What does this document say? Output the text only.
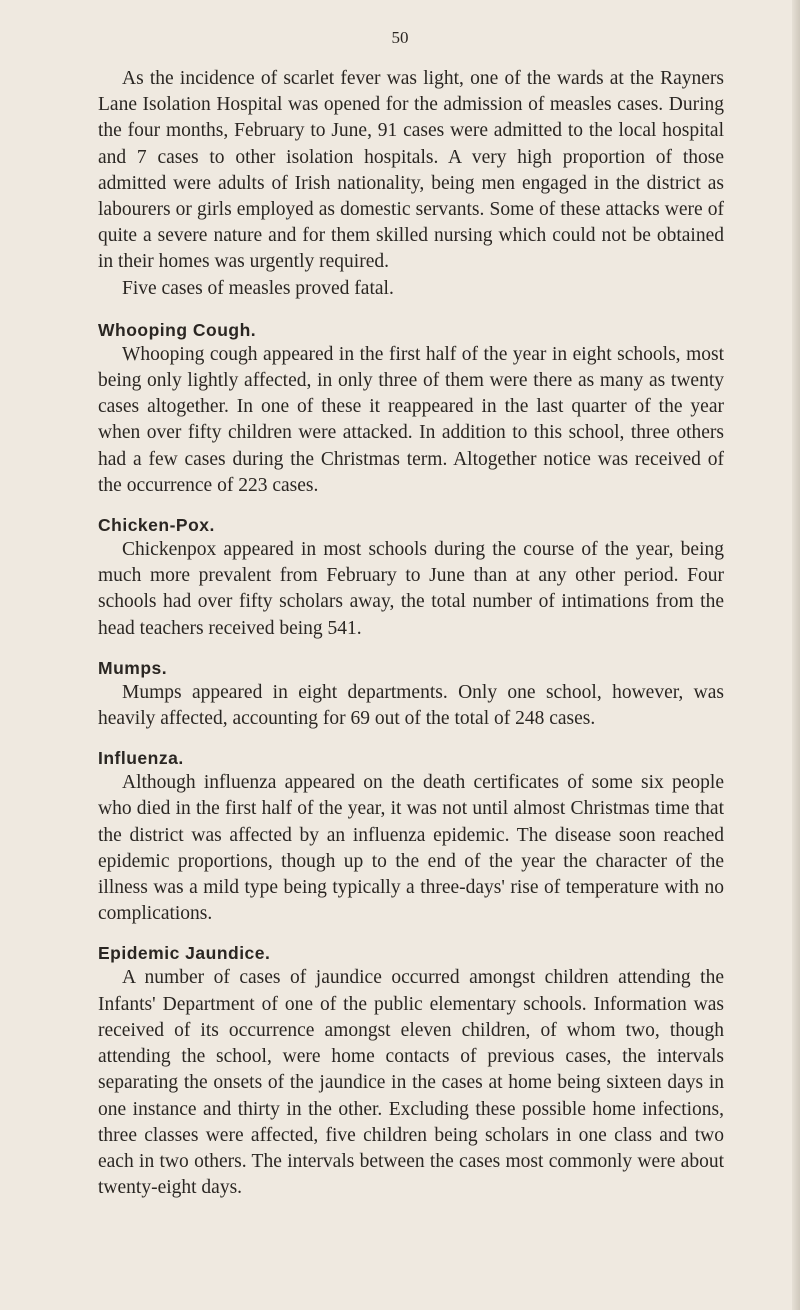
50

As the incidence of scarlet fever was light, one of the wards at the Rayners Lane Isolation Hospital was opened for the admission of measles cases. During the four months, February to June, 91 cases were admitted to the local hospital and 7 cases to other isolation hospitals. A very high proportion of those admitted were adults of Irish nationality, being men engaged in the district as labourers or girls employed as domestic servants. Some of these attacks were of quite a severe nature and for them skilled nursing which could not be obtained in their homes was urgently required.

Five cases of measles proved fatal.

Whooping Cough.

Whooping cough appeared in the first half of the year in eight schools, most being only lightly affected, in only three of them were there as many as twenty cases altogether. In one of these it reappeared in the last quarter of the year when over fifty children were attacked. In addition to this school, three others had a few cases during the Christmas term. Altogether notice was received of the occurrence of 223 cases.

Chicken-Pox.

Chickenpox appeared in most schools during the course of the year, being much more prevalent from February to June than at any other period. Four schools had over fifty scholars away, the total number of intimations from the head teachers received being 541.

Mumps.

Mumps appeared in eight departments. Only one school, however, was heavily affected, accounting for 69 out of the total of 248 cases.

Influenza.

Although influenza appeared on the death certificates of some six people who died in the first half of the year, it was not until almost Christmas time that the district was affected by an influenza epidemic. The disease soon reached epidemic proportions, though up to the end of the year the character of the illness was a mild type being typically a three-days' rise of temperature with no complications.

Epidemic Jaundice.

A number of cases of jaundice occurred amongst children attending the Infants' Department of one of the public elementary schools. Information was received of its occurrence amongst eleven children, of whom two, though attending the school, were home contacts of previous cases, the intervals separating the onsets of the jaundice in the cases at home being sixteen days in one instance and thirty in the other. Excluding these possible home infections, three classes were affected, five children being scholars in one class and two each in two others. The intervals between the cases most commonly were about twenty-eight days.
